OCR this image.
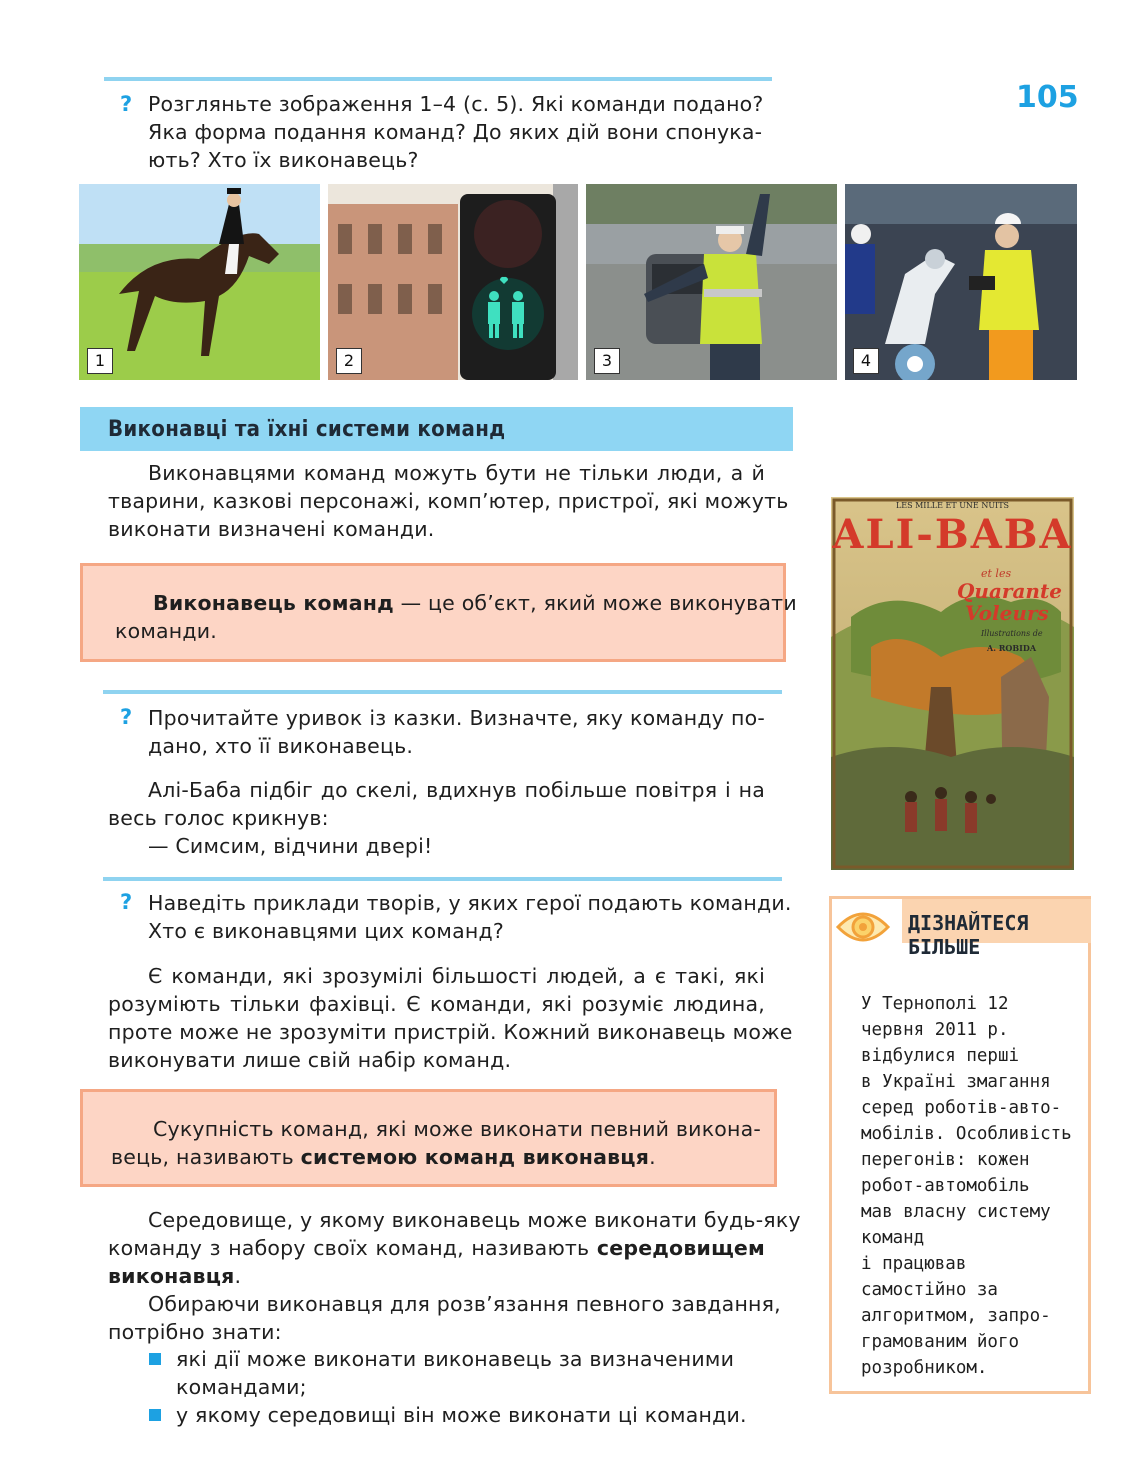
105
? Розгляньте зображення 1–4 (с. 5). Які команди подано?
Яка форма подання команд? До яких дій вони спонука-
ють? Хто їх виконавець?
1	2	3	4
Виконавці та їхні системи команд
Виконавцями команд можуть бути не тільки люди, а й
тварини, казкові персонажі, комп’ютер, пристрої, які можуть
виконати визначені команди.
Виконавець команд — це об’єкт, який може виконувати
команди.
? Прочитайте уривок із казки. Визначте, яку команду по-
дано, хто її виконавець.
Алі-Баба підбіг до скелі, вдихнув побільше повітря і на
весь голос крикнув:
— Симсим, відчини двері!
? Наведіть приклади творів, у яких герої подають команди.
Хто є виконавцями цих команд?
Є команди, які зрозумілі більшості людей, а є такі, які
розуміють тільки фахівці. Є команди, які розуміє людина,
проте може не зрозуміти пристрій. Кожний виконавець може
виконувати лише свій набір команд.
Сукупність команд, які може виконати певний викона-
вець, називають системою команд виконавця.
Середовище, у якому виконавець може виконати будь-яку
команду з набору своїх команд, називають середовищем
виконавця.
Обираючи виконавця для розв’язання певного завдання,
потрібно знати:
які дії може виконати виконавець за визначеними
командами;
у якому середовищі він може виконати ці команди.
LES MILLE ET UNE NUITS
ALI-BABA
et les
Quarante
Voleurs
Illustrations de
A. ROBIDA
ДІЗНАЙТЕСЯ
БІЛЬШЕ
У Тернополі 12
червня 2011 р.
відбулися перші
в Україні змагання
серед роботів-авто-
мобілів. Особливість
перегонів: кожен
робот-автомобіль
мав власну систему
команд
і працював
самостійно за
алгоритмом, запро-
грамованим його
розробником.
